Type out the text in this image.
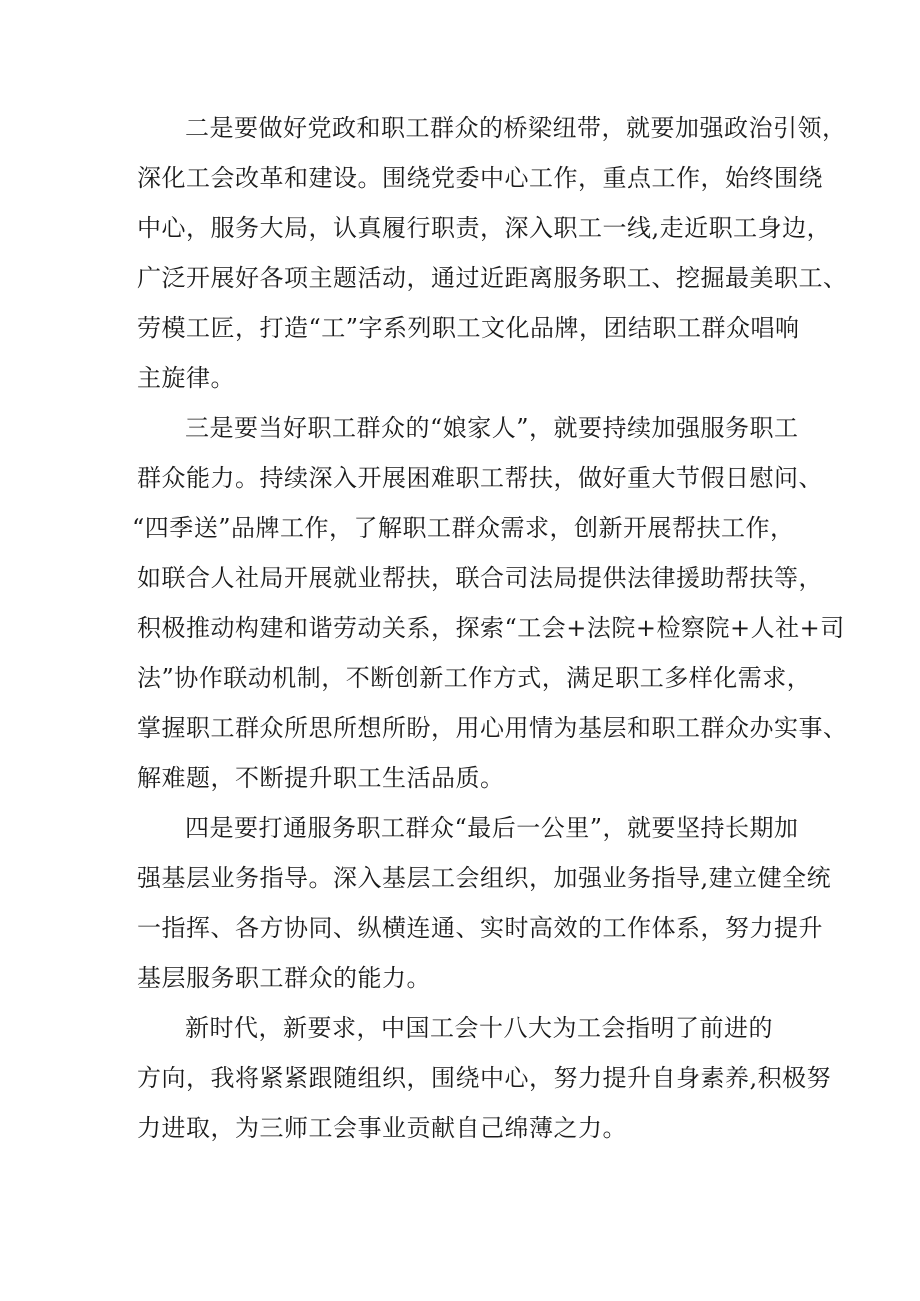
二是要做好党政和职工群众的桥梁纽带，就要加强政治引领，
深化工会改革和建设。围绕党委中心工作，重点工作，始终围绕
中心，服务大局，认真履行职责，深入职工一线,走近职工身边，
广泛开展好各项主题活动，通过近距离服务职工、挖掘最美职工、
劳模工匠，打造“工”字系列职工文化品牌，团结职工群众唱响
主旋律。
三是要当好职工群众的“娘家人”，就要持续加强服务职工
群众能力。持续深入开展困难职工帮扶，做好重大节假日慰问、
“四季送”品牌工作，了解职工群众需求，创新开展帮扶工作，
如联合人社局开展就业帮扶，联合司法局提供法律援助帮扶等，
积极推动构建和谐劳动关系，探索“工会+法院+检察院+人社+司
法”协作联动机制，不断创新工作方式，满足职工多样化需求，
掌握职工群众所思所想所盼，用心用情为基层和职工群众办实事、
解难题，不断提升职工生活品质。
四是要打通服务职工群众“最后一公里”，就要坚持长期加
强基层业务指导。深入基层工会组织，加强业务指导,建立健全统
一指挥、各方协同、纵横连通、实时高效的工作体系，努力提升
基层服务职工群众的能力。
新时代，新要求，中国工会十八大为工会指明了前进的
方向，我将紧紧跟随组织，围绕中心，努力提升自身素养,积极努
力进取，为三师工会事业贡献自己绵薄之力。
